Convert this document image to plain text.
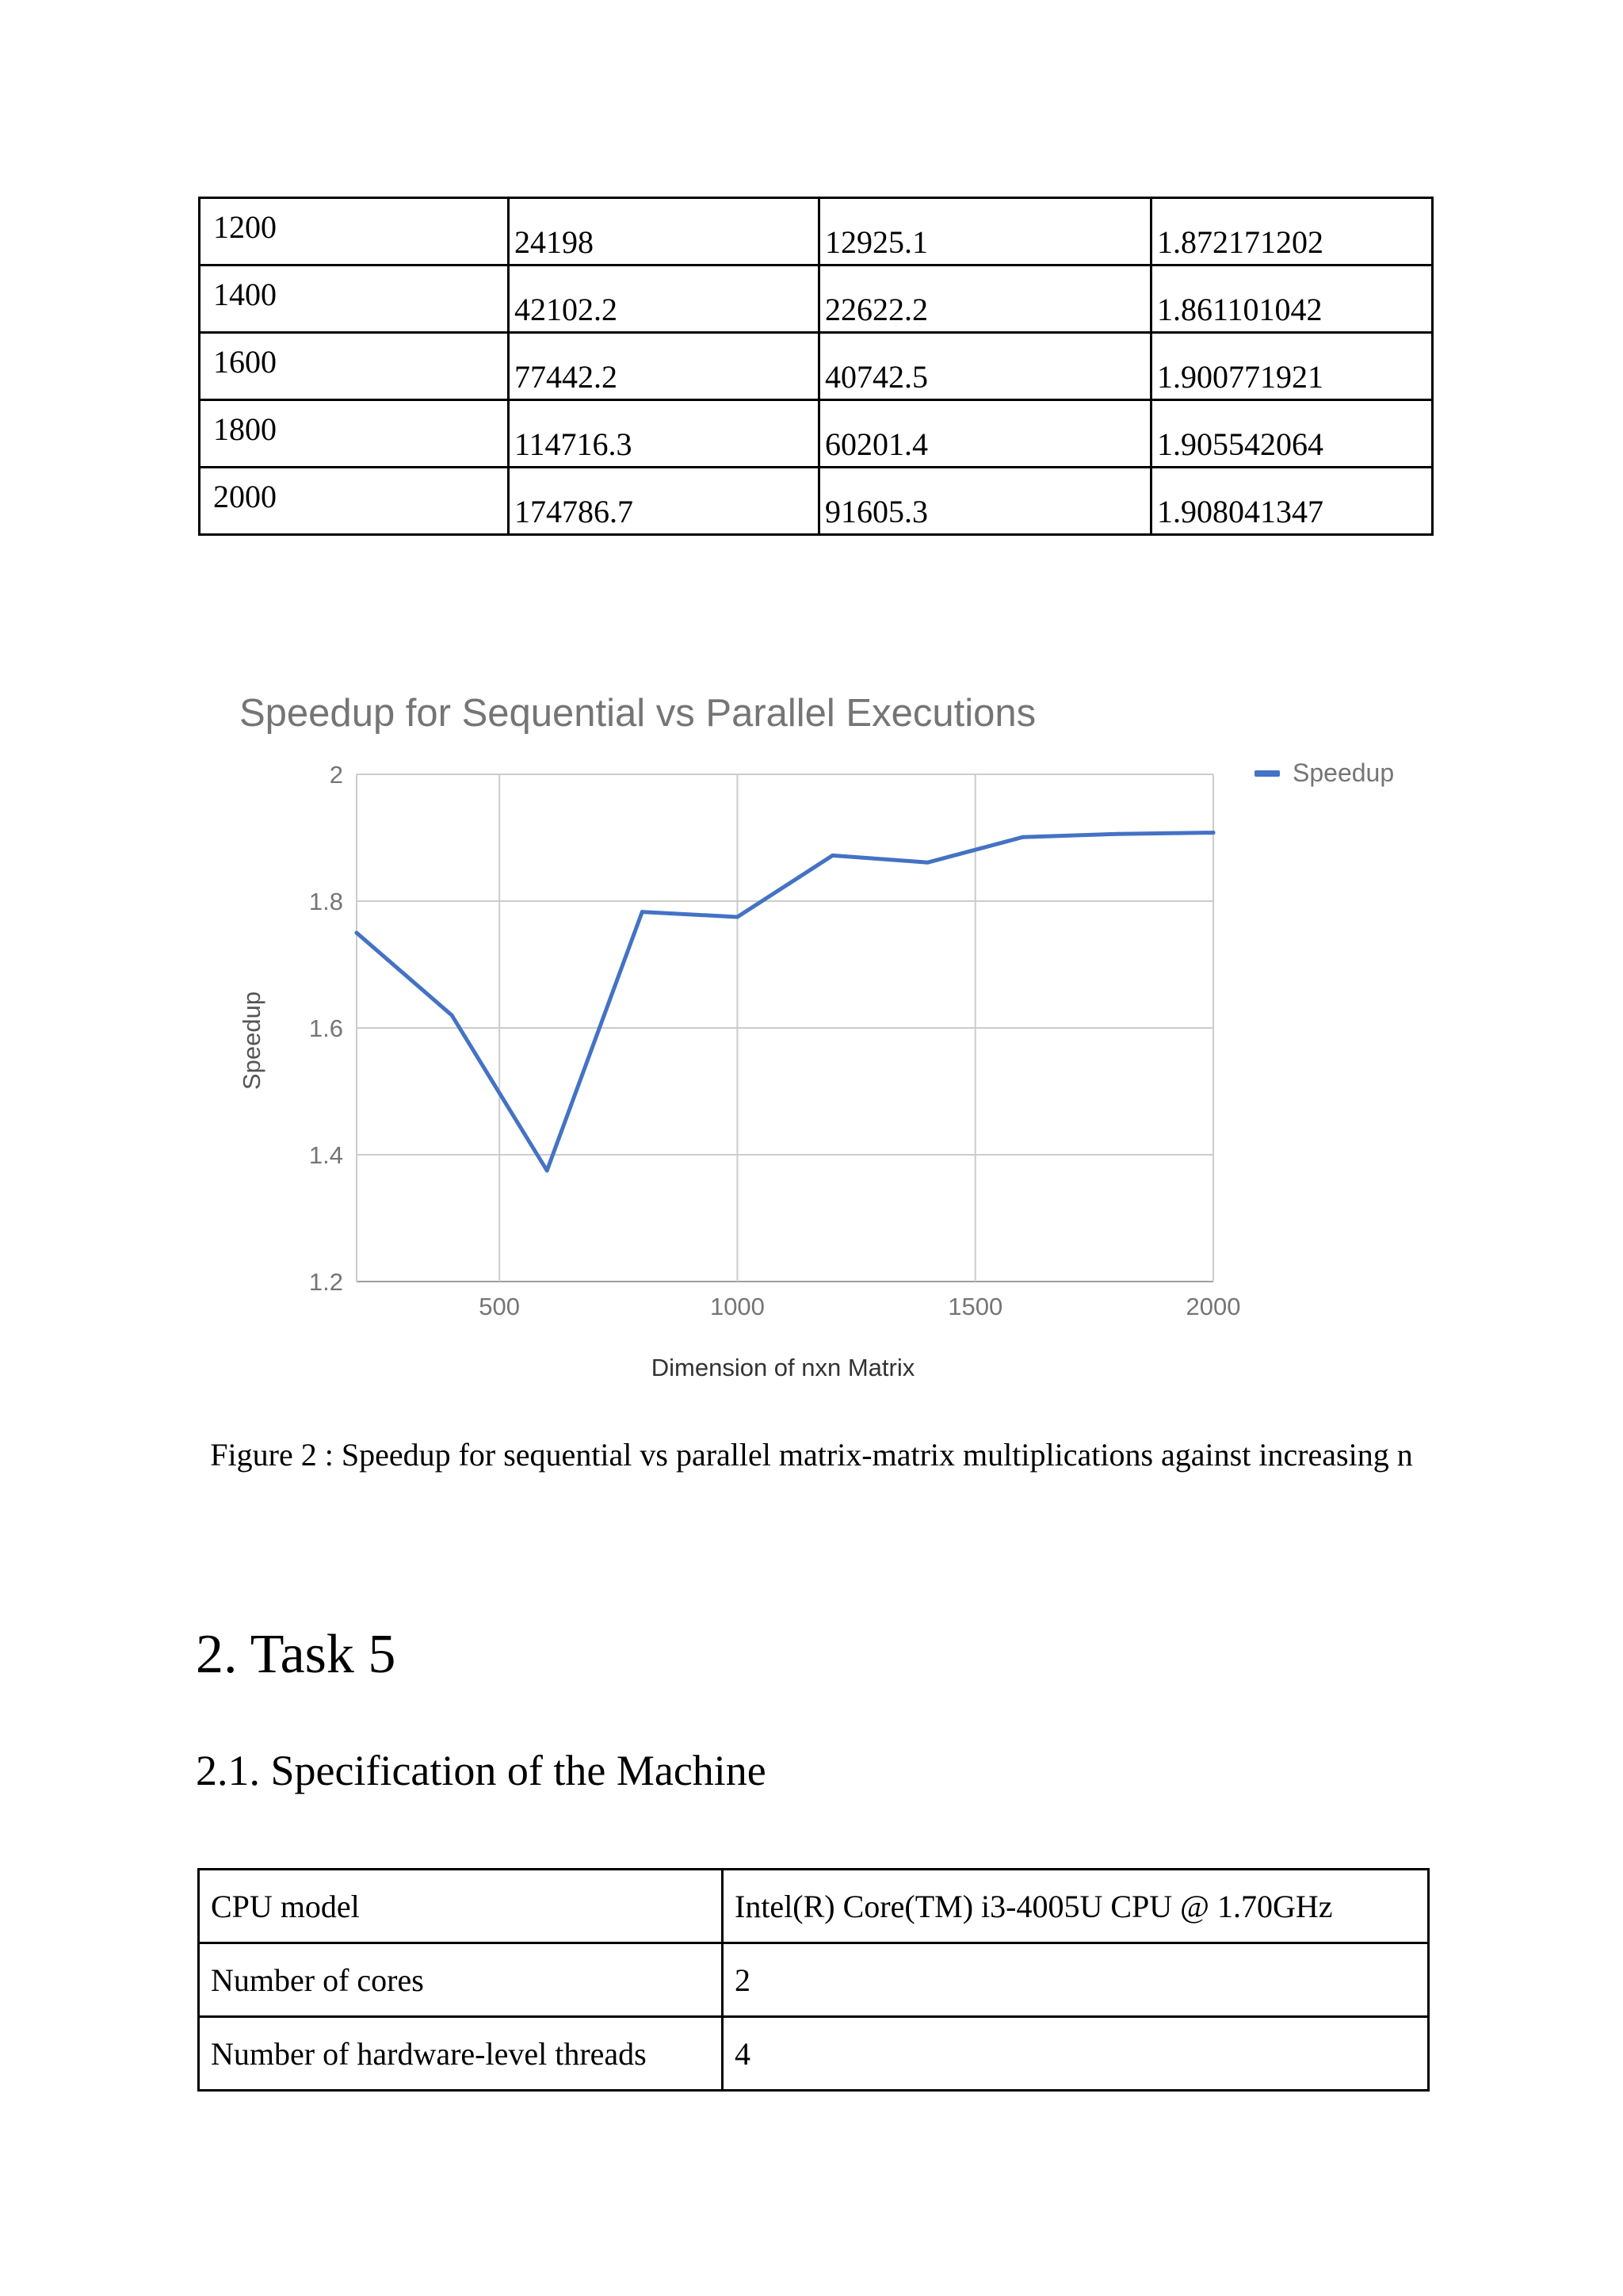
1200	24198	12925.1	1.872171202

1400	42102.2	22622.2	1.861101042

1600	77442.2	40742.5	1.900771921

1800	114716.3	60201.4	1.905542064

2000	174786.7	91605.3	1.908041347
Speedup for Sequential vs Parallel Executions
1.2
1.4
1.6
1.8
2
500	1000	1500	2000
Speedup
Dimension of nxn Matrix
Speedup
Figure 2 : Speedup for sequential vs parallel matrix-matrix multiplications against increasing n
2. Task 5
2.1. Specification of the Machine
CPU model	Intel(R) Core(TM) i3-4005U CPU @ 1.70GHz
Number of cores	2
Number of hardware-level threads	4
